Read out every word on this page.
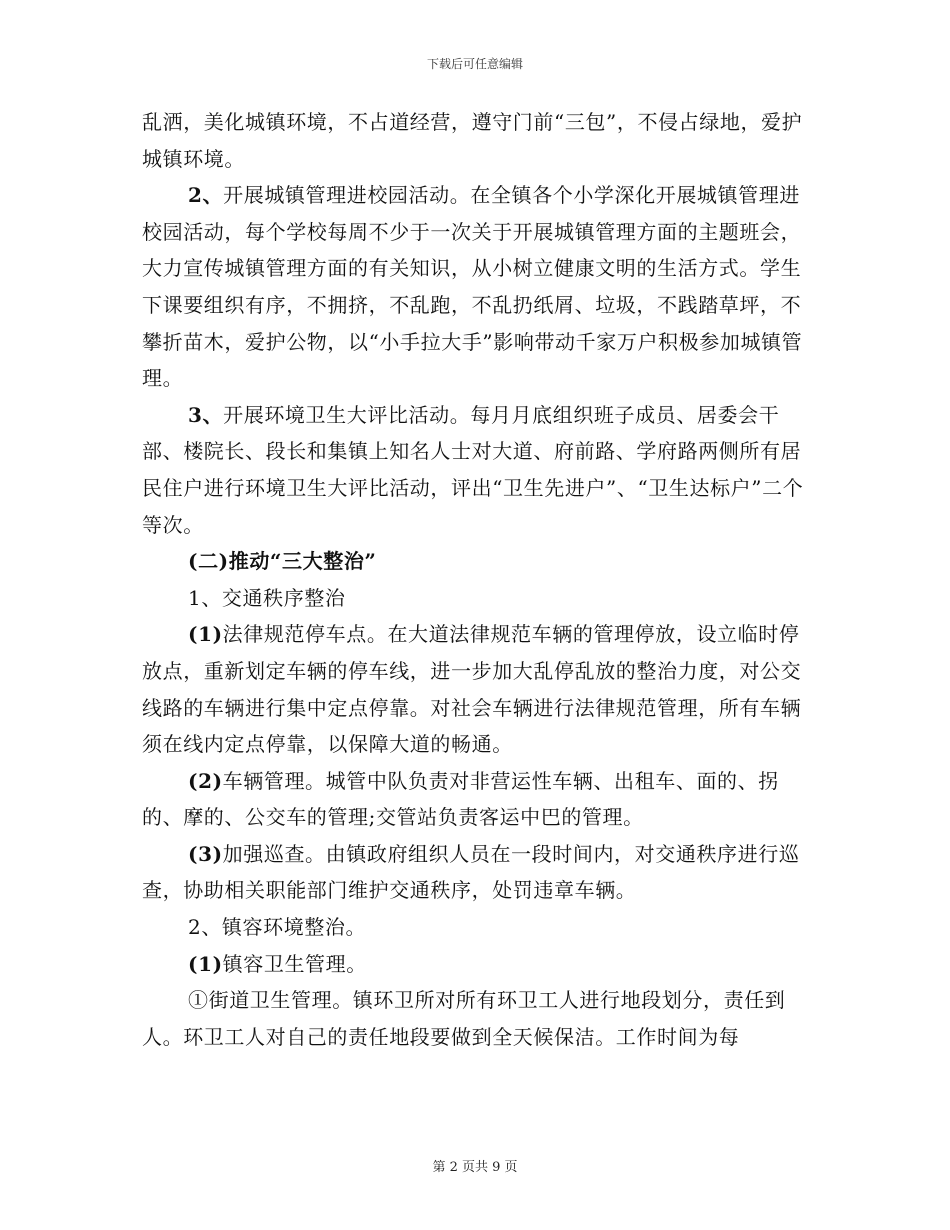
下载后可任意编辑

乱洒，美化城镇环境，不占道经营，遵守门前“三包”，不侵占绿地，爱护城镇环境。

2、开展城镇管理进校园活动。在全镇各个小学深化开展城镇管理进校园活动，每个学校每周不少于一次关于开展城镇管理方面的主题班会，大力宣传城镇管理方面的有关知识，从小树立健康文明的生活方式。学生下课要组织有序，不拥挤，不乱跑，不乱扔纸屑、垃圾，不践踏草坪，不攀折苗木，爱护公物，以“小手拉大手”影响带动千家万户积极参加城镇管理。

3、开展环境卫生大评比活动。每月月底组织班子成员、居委会干部、楼院长、段长和集镇上知名人士对大道、府前路、学府路两侧所有居民住户进行环境卫生大评比活动，评出“卫生先进户”、“卫生达标户”二个等次。

(二)推动“三大整治”

1、交通秩序整治

(1)法律规范停车点。在大道法律规范车辆的管理停放，设立临时停放点，重新划定车辆的停车线，进一步加大乱停乱放的整治力度，对公交线路的车辆进行集中定点停靠。对社会车辆进行法律规范管理，所有车辆须在线内定点停靠，以保障大道的畅通。

(2)车辆管理。城管中队负责对非营运性车辆、出租车、面的、拐的、摩的、公交车的管理;交管站负责客运中巴的管理。

(3)加强巡查。由镇政府组织人员在一段时间内，对交通秩序进行巡查，协助相关职能部门维护交通秩序，处罚违章车辆。

2、镇容环境整治。

(1)镇容卫生管理。

①街道卫生管理。镇环卫所对所有环卫工人进行地段划分，责任到人。环卫工人对自己的责任地段要做到全天候保洁。工作时间为每

第 2 页共 9 页
